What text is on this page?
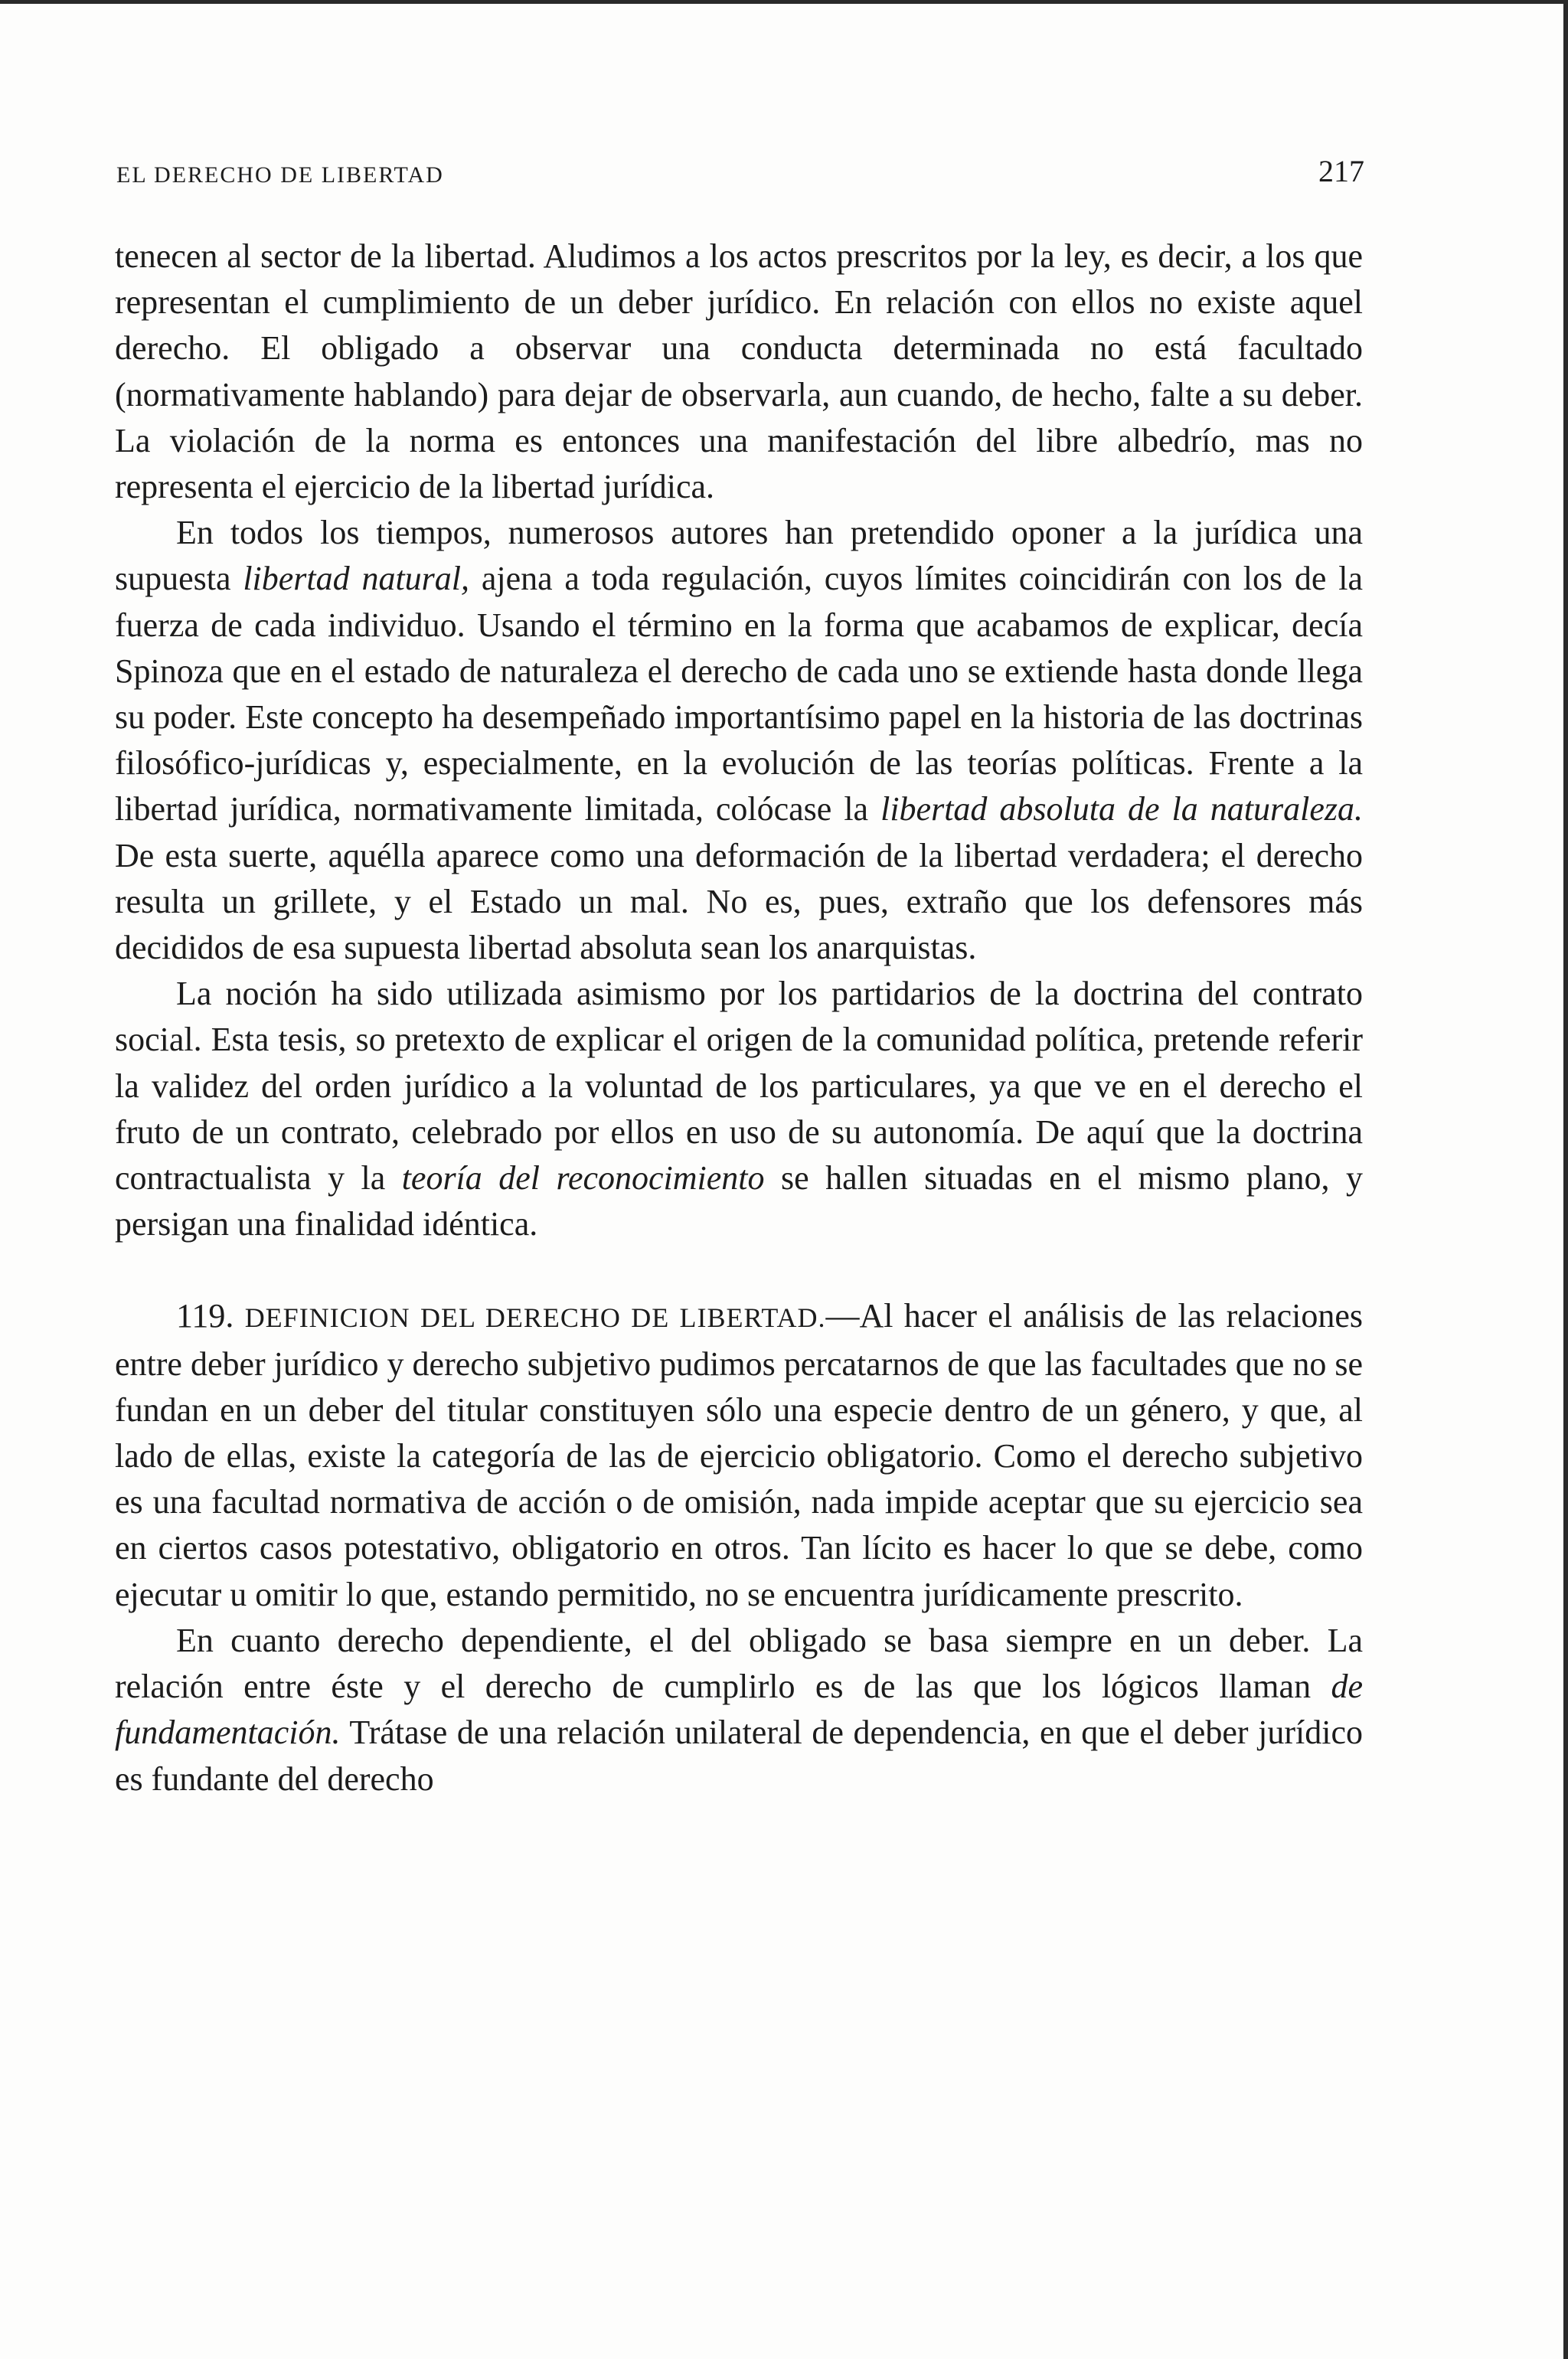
EL DERECHO DE LIBERTAD	217

tenecen al sector de la libertad. Aludimos a los actos prescritos por la ley, es decir, a los que representan el cumplimiento de un deber jurídico. En relación con ellos no existe aquel derecho. El obligado a observar una conducta determinada no está facultado (normativamente hablando) para dejar de observarla, aun cuando, de hecho, falte a su deber. La violación de la norma es entonces una manifestación del libre albedrío, mas no representa el ejercicio de la libertad jurídica.

En todos los tiempos, numerosos autores han pretendido oponer a la jurídica una supuesta libertad natural, ajena a toda regulación, cuyos límites coincidirán con los de la fuerza de cada individuo. Usando el término en la forma que acabamos de explicar, decía Spinoza que en el estado de naturaleza el derecho de cada uno se extiende hasta donde llega su poder. Este concepto ha desempeñado importantísimo papel en la historia de las doctrinas filosófico-jurídicas y, especialmente, en la evolución de las teorías políticas. Frente a la libertad jurídica, normativamente limitada, colócase la libertad absoluta de la naturaleza. De esta suerte, aquélla aparece como una deformación de la libertad verdadera; el derecho resulta un grillete, y el Estado un mal. No es, pues, extraño que los defensores más decididos de esa supuesta libertad absoluta sean los anarquistas.

La noción ha sido utilizada asimismo por los partidarios de la doctrina del contrato social. Esta tesis, so pretexto de explicar el origen de la comunidad política, pretende referir la validez del orden jurídico a la voluntad de los particulares, ya que ve en el derecho el fruto de un contrato, celebrado por ellos en uso de su autonomía. De aquí que la doctrina contractualista y la teoría del reconocimiento se hallen situadas en el mismo plano, y persigan una finalidad idéntica.

119. DEFINICION DEL DERECHO DE LIBERTAD.—Al hacer el análisis de las relaciones entre deber jurídico y derecho subjetivo pudimos percatarnos de que las facultades que no se fundan en un deber del titular constituyen sólo una especie dentro de un género, y que, al lado de ellas, existe la categoría de las de ejercicio obligatorio. Como el derecho subjetivo es una facultad normativa de acción o de omisión, nada impide aceptar que su ejercicio sea en ciertos casos potestativo, obligatorio en otros. Tan lícito es hacer lo que se debe, como ejecutar u omitir lo que, estando permitido, no se encuentra jurídicamente prescrito.

En cuanto derecho dependiente, el del obligado se basa siempre en un deber. La relación entre éste y el derecho de cumplirlo es de las que los lógicos llaman de fundamentación. Trátase de una relación unilateral de dependencia, en que el deber jurídico es fundante del derecho
